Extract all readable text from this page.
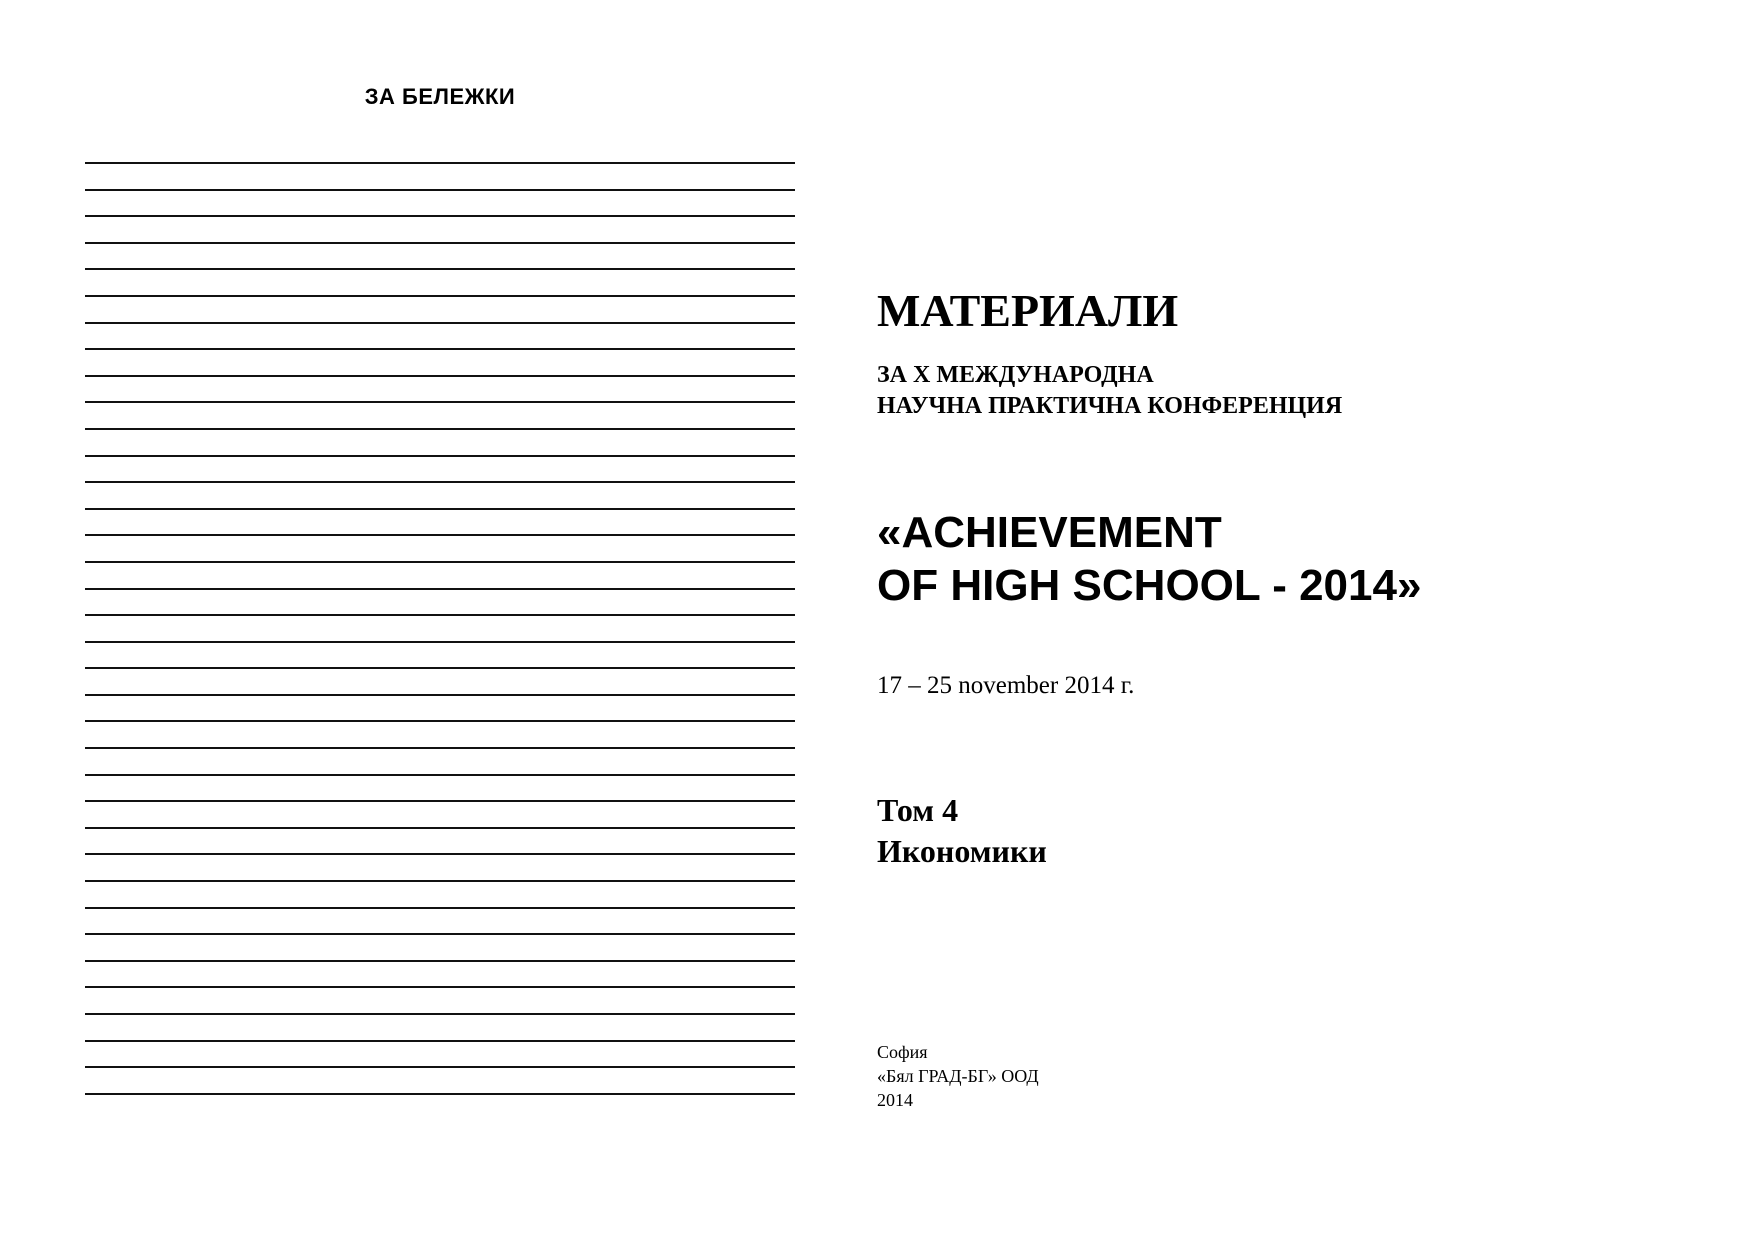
ЗА БЕЛЕЖКИ
МАТЕРИАЛИ
ЗА X МЕЖДУНАРОДНА
НАУЧНА ПРАКТИЧНА КОНФЕРЕНЦИЯ
«ACHIEVEMENT
OF HIGH SCHOOL - 2014»
17 – 25 november 2014 г.
Том 4
Икономики
София
«Бял ГРАД-БГ» ООД
2014
